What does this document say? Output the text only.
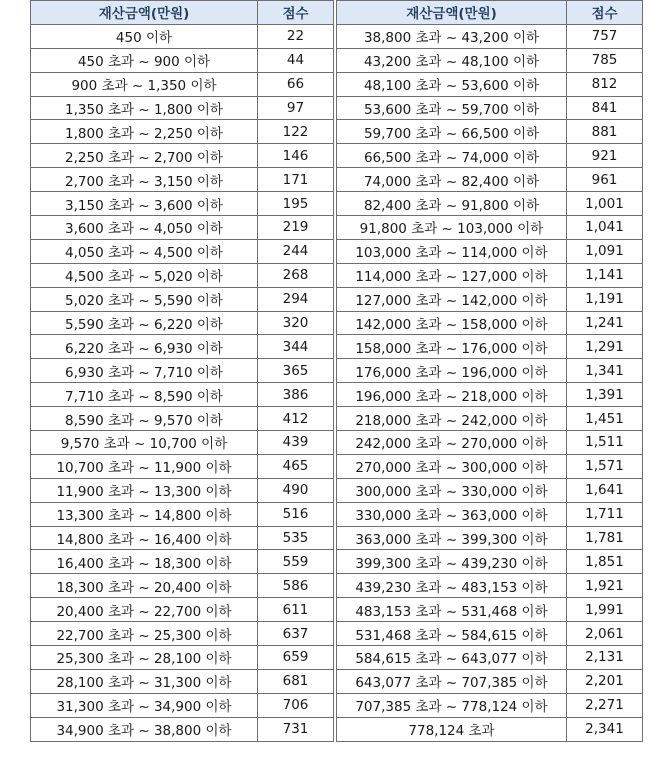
재산금액(만원)	점수
450 이하	22
450 초과 ~ 900 이하	44
900 초과 ~ 1,350 이하	66
1,350 초과 ~ 1,800 이하	97
1,800 초과 ~ 2,250 이하	122
2,250 초과 ~ 2,700 이하	146
2,700 초과 ~ 3,150 이하	171
3,150 초과 ~ 3,600 이하	195
3,600 초과 ~ 4,050 이하	219
4,050 초과 ~ 4,500 이하	244
4,500 초과 ~ 5,020 이하	268
5,020 초과 ~ 5,590 이하	294
5,590 초과 ~ 6,220 이하	320
6,220 초과 ~ 6,930 이하	344
6,930 초과 ~ 7,710 이하	365
7,710 초과 ~ 8,590 이하	386
8,590 초과 ~ 9,570 이하	412
9,570 초과 ~ 10,700 이하	439
10,700 초과 ~ 11,900 이하	465
11,900 초과 ~ 13,300 이하	490
13,300 초과 ~ 14,800 이하	516
14,800 초과 ~ 16,400 이하	535
16,400 초과 ~ 18,300 이하	559
18,300 초과 ~ 20,400 이하	586
20,400 초과 ~ 22,700 이하	611
22,700 초과 ~ 25,300 이하	637
25,300 초과 ~ 28,100 이하	659
28,100 초과 ~ 31,300 이하	681
31,300 초과 ~ 34,900 이하	706
34,900 초과 ~ 38,800 이하	731
재산금액(만원)	점수
38,800 초과 ~ 43,200 이하	757
43,200 초과 ~ 48,100 이하	785
48,100 초과 ~ 53,600 이하	812
53,600 초과 ~ 59,700 이하	841
59,700 초과 ~ 66,500 이하	881
66,500 초과 ~ 74,000 이하	921
74,000 초과 ~ 82,400 이하	961
82,400 초과 ~ 91,800 이하	1,001
91,800 초과 ~ 103,000 이하	1,041
103,000 초과 ~ 114,000 이하	1,091
114,000 초과 ~ 127,000 이하	1,141
127,000 초과 ~ 142,000 이하	1,191
142,000 초과 ~ 158,000 이하	1,241
158,000 초과 ~ 176,000 이하	1,291
176,000 초과 ~ 196,000 이하	1,341
196,000 초과 ~ 218,000 이하	1,391
218,000 초과 ~ 242,000 이하	1,451
242,000 초과 ~ 270,000 이하	1,511
270,000 초과 ~ 300,000 이하	1,571
300,000 초과 ~ 330,000 이하	1,641
330,000 초과 ~ 363,000 이하	1,711
363,000 초과 ~ 399,300 이하	1,781
399,300 초과 ~ 439,230 이하	1,851
439,230 초과 ~ 483,153 이하	1,921
483,153 초과 ~ 531,468 이하	1,991
531,468 초과 ~ 584,615 이하	2,061
584,615 초과 ~ 643,077 이하	2,131
643,077 초과 ~ 707,385 이하	2,201
707,385 초과 ~ 778,124 이하	2,271
778,124 초과	2,341
